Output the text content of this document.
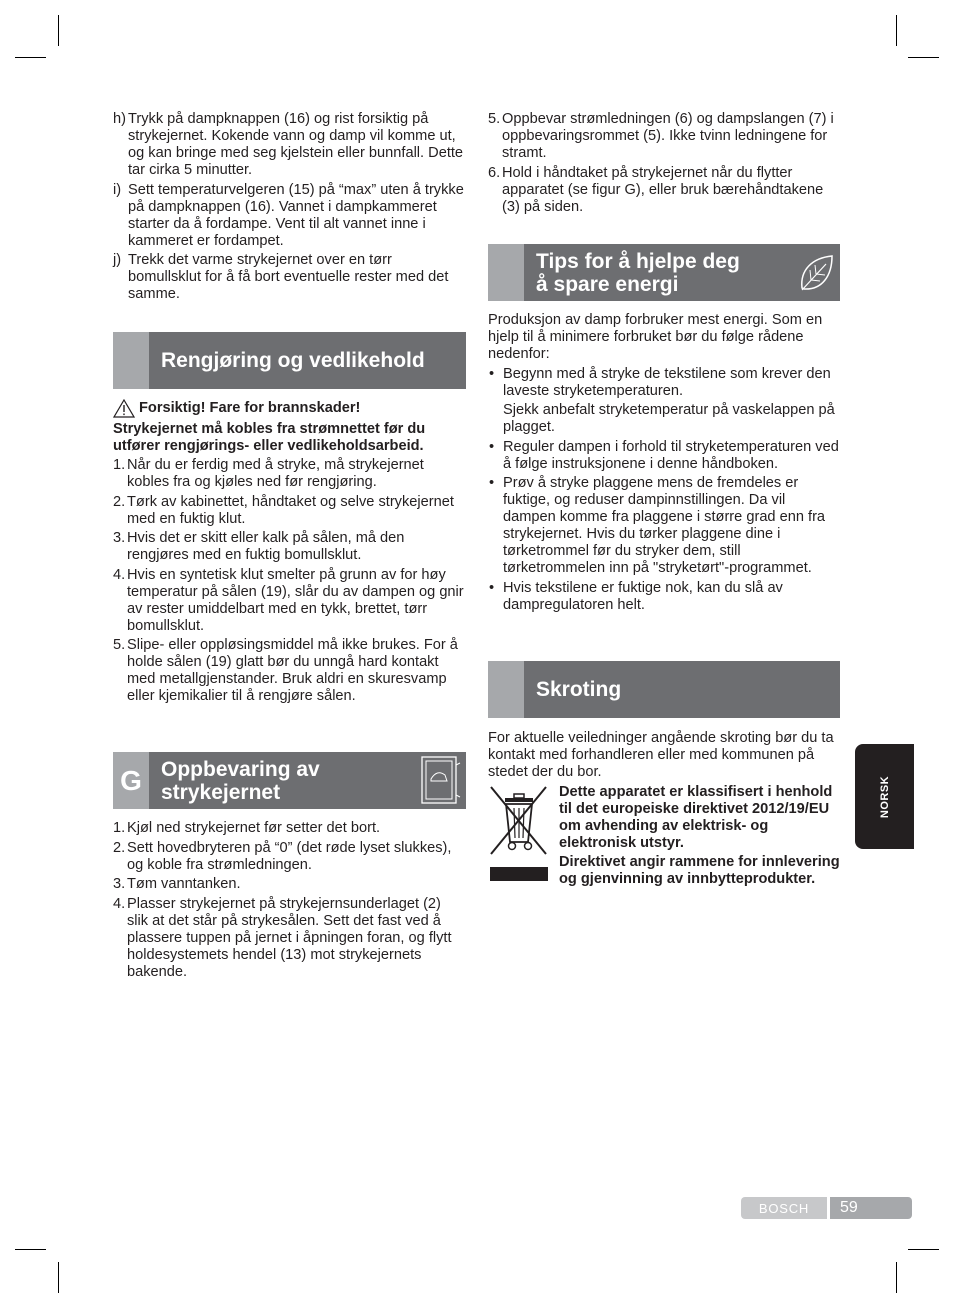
h) Trykk på dampknappen (16) og rist forsiktig på strykejernet. Kokende vann og damp vil komme ut, og kan bringe med seg kjelstein eller bunnfall. Dette tar cirka 5 minutter.
i) Sett temperaturvelgeren (15) på “max” uten å trykke på dampknappen (16). Vannet i dampkammeret starter da å fordampe. Vent til alt vannet inne i kammeret er fordampet.
j) Trekk det varme strykejernet over en tørr bomullsklut for å få bort eventuelle rester med det samme.
Rengjøring og vedlikehold

Forsiktig! Fare for brannskader!

Strykejernet må kobles fra strømnettet før du utfører rengjørings- eller vedlikeholdsarbeid.

1. Når du er ferdig med å stryke, må strykejernet kobles fra og kjøles ned før rengjøring.
2. Tørk av kabinettet, håndtaket og selve strykejernet med en fuktig klut.
3. Hvis det er skitt eller kalk på sålen, må den rengjøres med en fuktig bomullsklut.
4. Hvis en syntetisk klut smelter på grunn av for høy temperatur på sålen (19), slår du av dampen og gnir av rester umiddelbart med en tykk, brettet, tørr bomullsklut.
5. Slipe- eller oppløsingsmiddel må ikke brukes. For å holde sålen (19) glatt bør du unngå hard kontakt med metallgjenstander. Bruk aldri en skuresvamp eller kjemikalier til å rengjøre sålen.
G Oppbevaring av
strykejernet
1. Kjøl ned strykejernet før setter det bort.
2. Sett hovedbryteren på “0” (det røde lyset slukkes), og koble fra strømledningen.
3. Tøm vanntanken.
4. Plasser strykejernet på strykejernsunderlaget (2) slik at det står på strykesålen. Sett det fast ved å plassere tuppen på jernet i åpningen foran, og flytt holdesystemets hendel (13) mot strykejernets bakende.
5. Oppbevar strømledningen (6) og dampslangen (7) i oppbevaringsrommet (5). Ikke tvinn ledningene for stramt.
6. Hold i håndtaket på strykejernet når du flytter apparatet (se figur G), eller bruk bærehåndtakene (3) på siden.
Tips for å hjelpe deg
å spare energi

Produksjon av damp forbruker mest energi. Som en hjelp til å minimere forbruket bør du følge rådene nedenfor:

• Begynn med å stryke de tekstilene som krever den laveste stryketemperaturen.
Sjekk anbefalt stryketemperatur på vaskelappen på plagget.
• Reguler dampen i forhold til stryketemperaturen ved å følge instruksjonene i denne håndboken.
• Prøv å stryke plaggene mens de fremdeles er fuktige, og reduser dampinnstillingen. Da vil dampen komme fra plaggene i større grad enn fra strykejernet. Hvis du tørker plaggene dine i tørketrommel før du stryker dem, still tørketrommelen inn på "stryketørt"-programmet.
• Hvis tekstilene er fuktige nok, kan du slå av dampregulatoren helt.
Skroting

For aktuelle veiledninger angående skroting bør du ta kontakt med forhandleren eller med kommunen på stedet der du bor.

Dette apparatet er klassifisert i henhold til det europeiske direktivet 2012/19/EU om avhending av elektrisk- og elektronisk utstyr.

Direktivet angir rammene for innlevering og gjenvinning av innbytteprodukter.

NORSK
BOSCH	59
